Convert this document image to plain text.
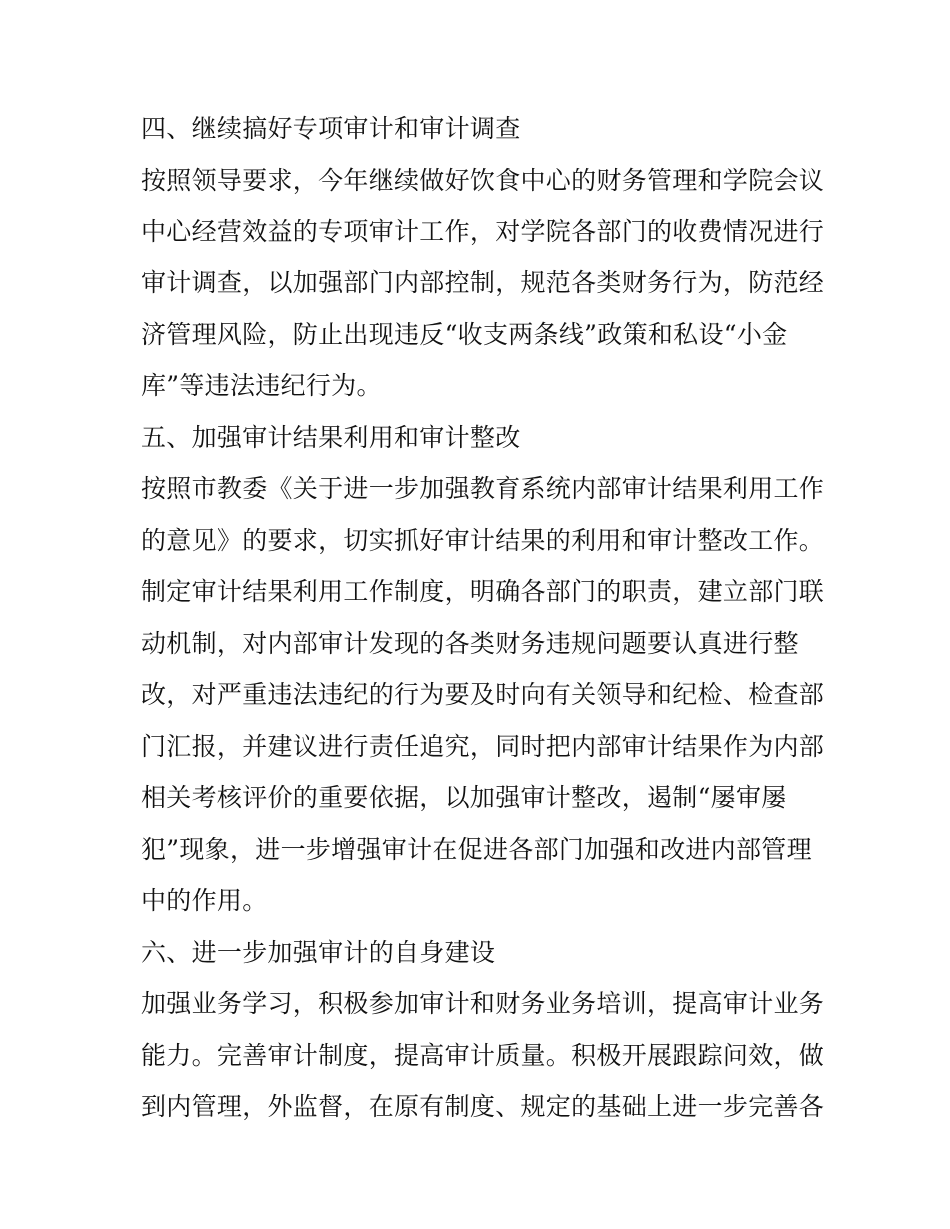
四、继续搞好专项审计和审计调查
按照领导要求，今年继续做好饮食中心的财务管理和学院会议
中心经营效益的专项审计工作，对学院各部门的收费情况进行
审计调查，以加强部门内部控制，规范各类财务行为，防范经
济管理风险，防止出现违反“收支两条线”政策和私设“小金
库”等违法违纪行为。
五、加强审计结果利用和审计整改
按照市教委《关于进一步加强教育系统内部审计结果利用工作
的意见》的要求，切实抓好审计结果的利用和审计整改工作。
制定审计结果利用工作制度，明确各部门的职责，建立部门联
动机制，对内部审计发现的各类财务违规问题要认真进行整
改，对严重违法违纪的行为要及时向有关领导和纪检、检查部
门汇报，并建议进行责任追究，同时把内部审计结果作为内部
相关考核评价的重要依据，以加强审计整改，遏制“屡审屡
犯”现象，进一步增强审计在促进各部门加强和改进内部管理
中的作用。
六、进一步加强审计的自身建设
加强业务学习，积极参加审计和财务业务培训，提高审计业务
能力。完善审计制度，提高审计质量。积极开展跟踪问效，做
到内管理，外监督，在原有制度、规定的基础上进一步完善各
